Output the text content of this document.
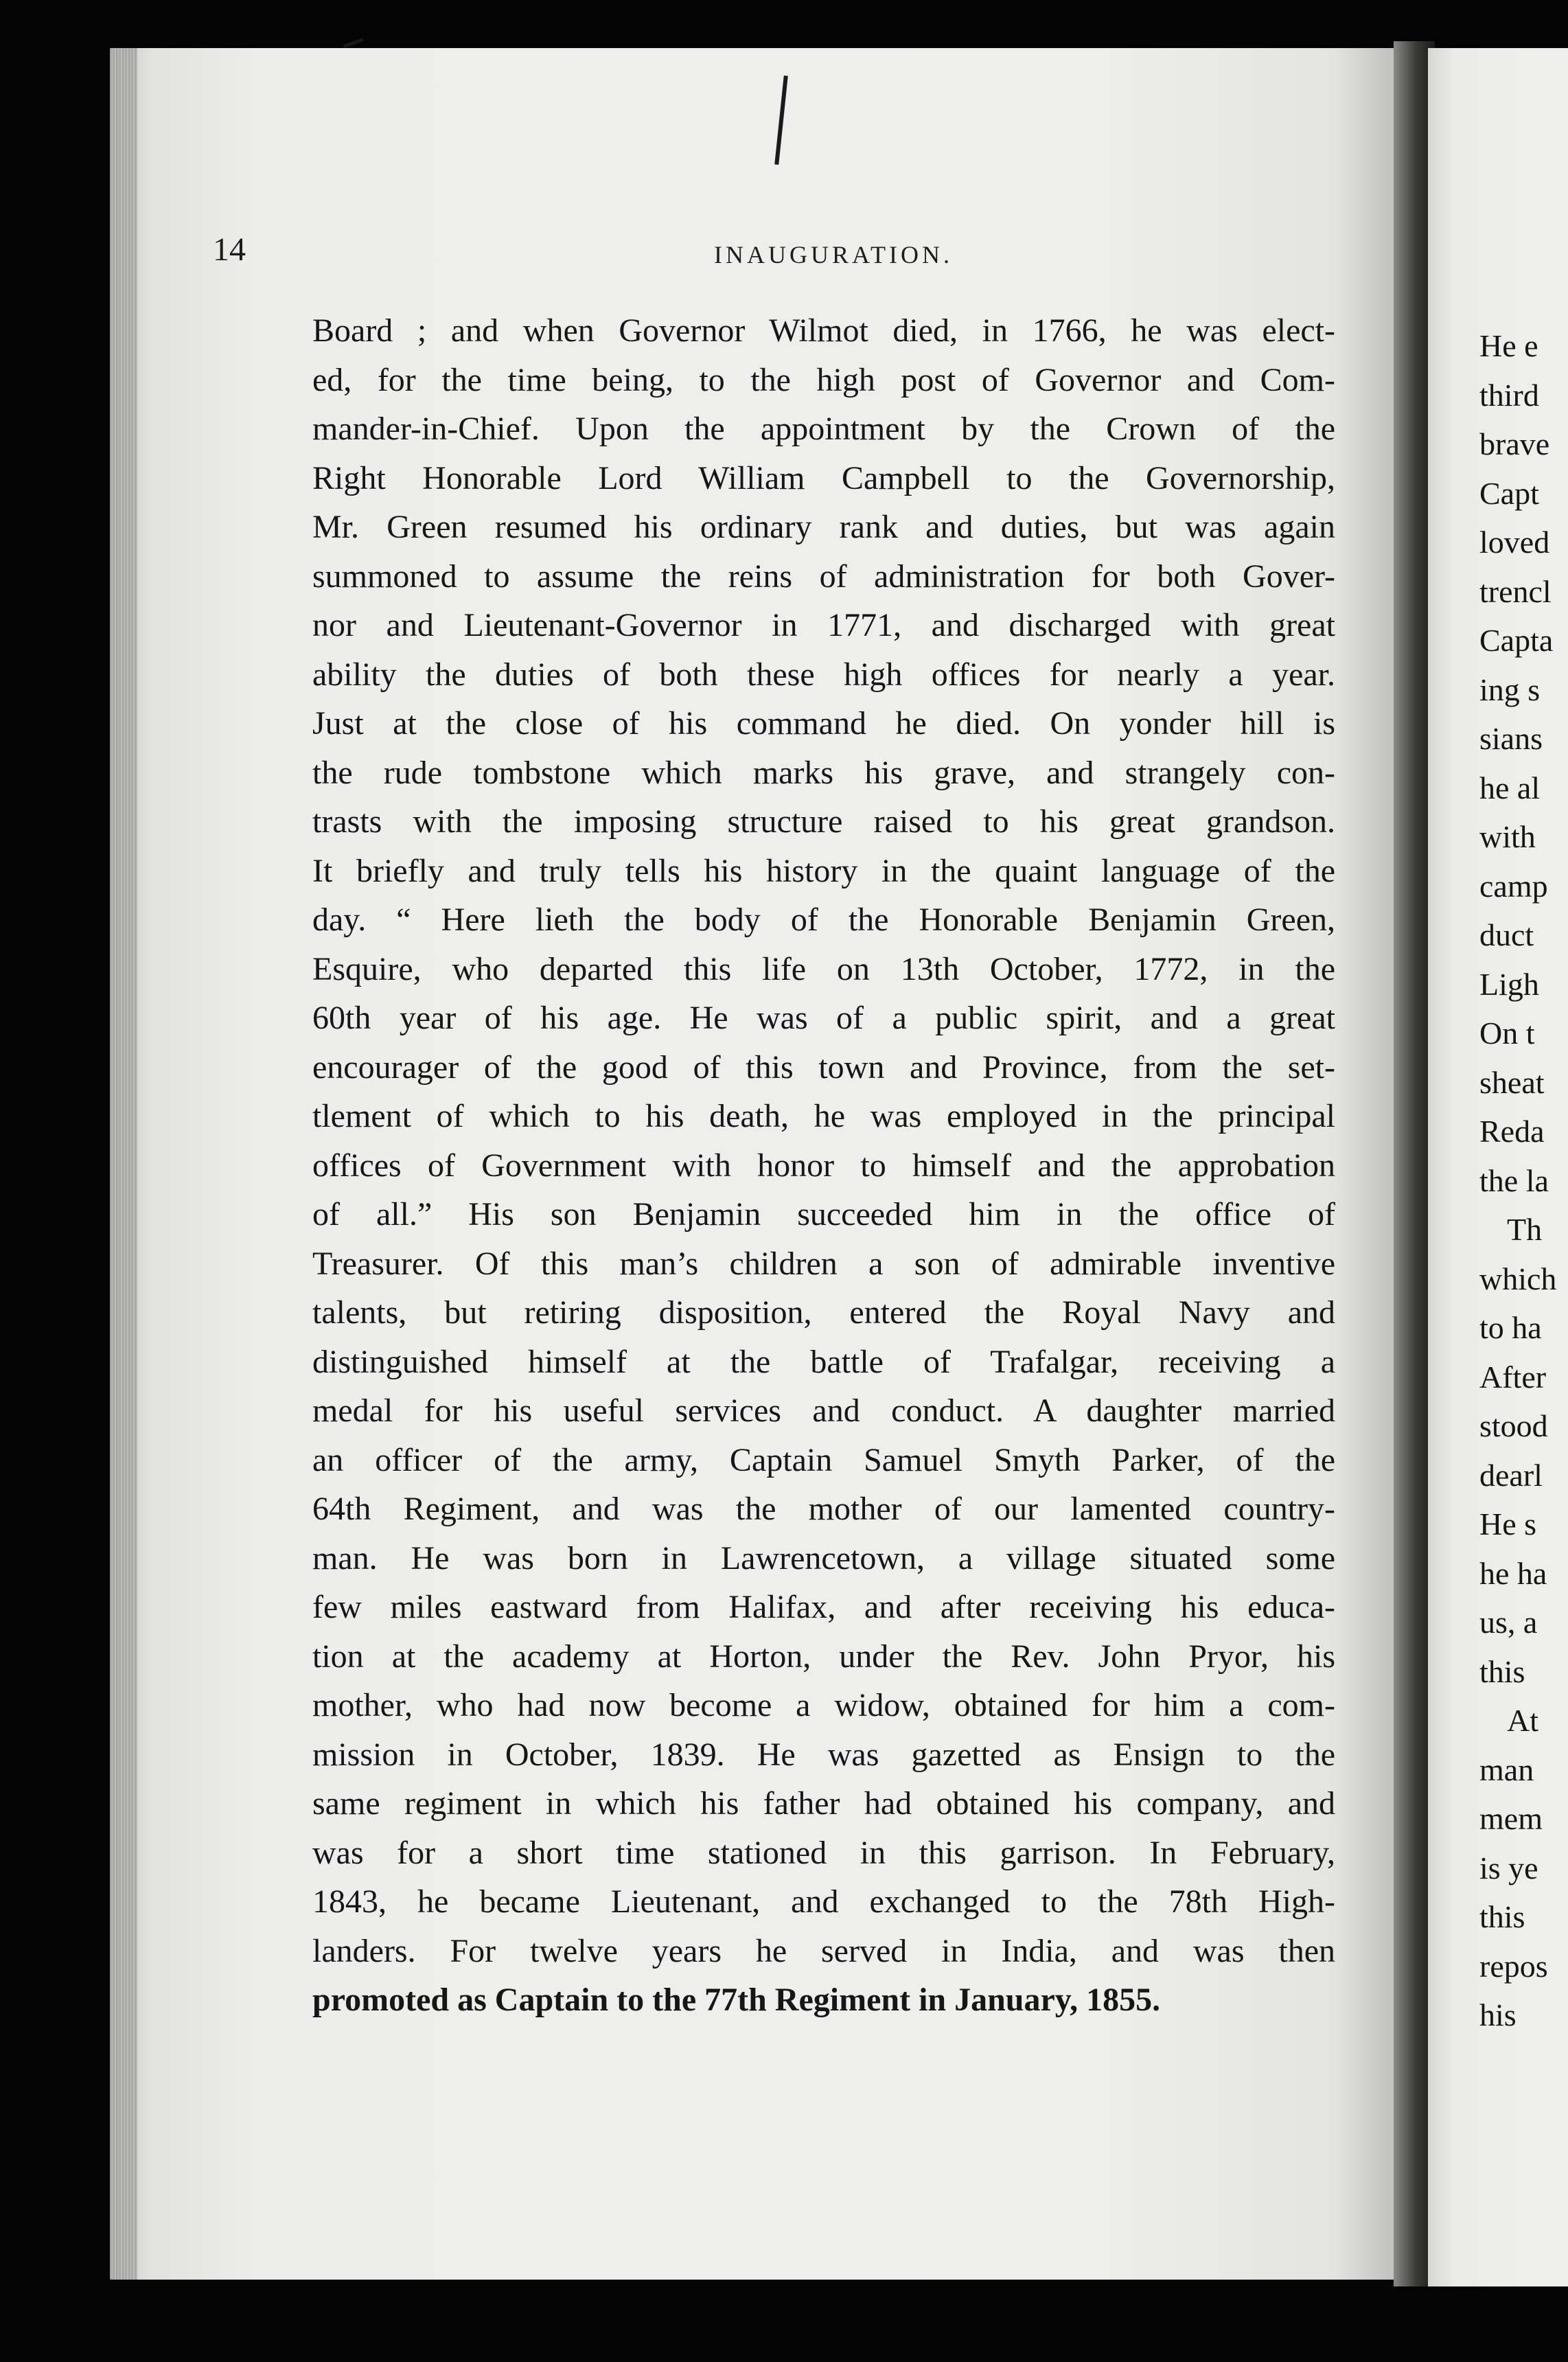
14	INAUGURATION.
Board ; and when Governor Wilmot died, in 1766, he was elect-
ed, for the time being, to the high post of Governor and Com-
mander-in-Chief. Upon the appointment by the Crown of the
Right Honorable Lord William Campbell to the Governorship,
Mr. Green resumed his ordinary rank and duties, but was again
summoned to assume the reins of administration for both Gover-
nor and Lieutenant-Governor in 1771, and discharged with great
ability the duties of both these high offices for nearly a year.
Just at the close of his command he died. On yonder hill is
the rude tombstone which marks his grave, and strangely con-
trasts with the imposing structure raised to his great grandson.
It briefly and truly tells his history in the quaint language of the
day. “ Here lieth the body of the Honorable Benjamin Green,
Esquire, who departed this life on 13th October, 1772, in the
60th year of his age. He was of a public spirit, and a great
encourager of the good of this town and Province, from the set-
tlement of which to his death, he was employed in the principal
offices of Government with honor to himself and the approbation
of all.” His son Benjamin succeeded him in the office of
Treasurer. Of this man’s children a son of admirable inventive
talents, but retiring disposition, entered the Royal Navy and
distinguished himself at the battle of Trafalgar, receiving a
medal for his useful services and conduct. A daughter married
an officer of the army, Captain Samuel Smyth Parker, of the
64th Regiment, and was the mother of our lamented country-
man. He was born in Lawrencetown, a village situated some
few miles eastward from Halifax, and after receiving his educa-
tion at the academy at Horton, under the Rev. John Pryor, his
mother, who had now become a widow, obtained for him a com-
mission in October, 1839. He was gazetted as Ensign to the
same regiment in which his father had obtained his company, and
was for a short time stationed in this garrison. In February,
1843, he became Lieutenant, and exchanged to the 78th High-
landers. For twelve years he served in India, and was then
promoted as Captain to the 77th Regiment in January, 1855.
He e
third
brave
Capt
loved
trencl
Capta
ing s
sians
he al
with
camp
duct
Ligh
On t
sheat
Reda
the la
Th
which
to ha
After
stood
dearl
He s
he ha
us, a
this
At
man
mem
is ye
this
repos
his
